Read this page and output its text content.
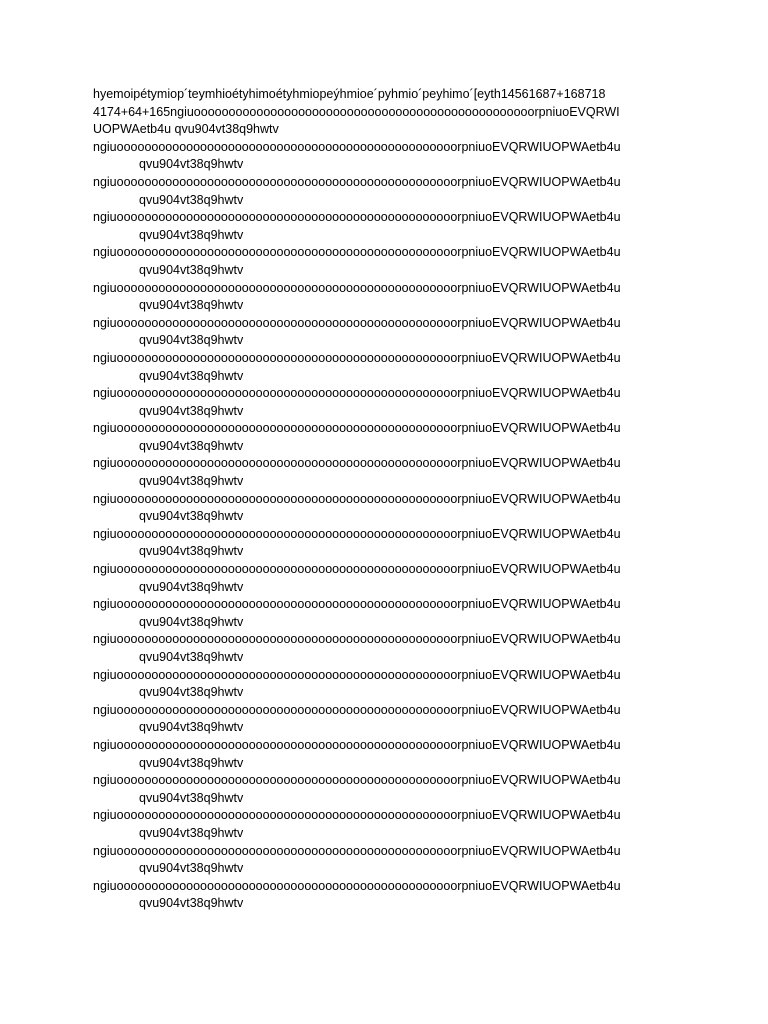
hyemoipétymiop´teymhioétyhimoétyhmiopeýhmioe´pyhmio´peyhimo´[eyth14561687+168718
4174+64+165ngiuooooooooooooooooooooooooooooooooooooooooooooooooorpniuoEVQRWI
UOPWAetb4u qvu904vt38q9hwtv
ngiuooooooooooooooooooooooooooooooooooooooooooooooooorpniuoEVQRWIUOPWAetb4u
qvu904vt38q9hwtv
ngiuooooooooooooooooooooooooooooooooooooooooooooooooorpniuoEVQRWIUOPWAetb4u
qvu904vt38q9hwtv
ngiuooooooooooooooooooooooooooooooooooooooooooooooooorpniuoEVQRWIUOPWAetb4u
qvu904vt38q9hwtv
ngiuooooooooooooooooooooooooooooooooooooooooooooooooorpniuoEVQRWIUOPWAetb4u
qvu904vt38q9hwtv
ngiuooooooooooooooooooooooooooooooooooooooooooooooooorpniuoEVQRWIUOPWAetb4u
qvu904vt38q9hwtv
ngiuooooooooooooooooooooooooooooooooooooooooooooooooorpniuoEVQRWIUOPWAetb4u
qvu904vt38q9hwtv
ngiuooooooooooooooooooooooooooooooooooooooooooooooooorpniuoEVQRWIUOPWAetb4u
qvu904vt38q9hwtv
ngiuooooooooooooooooooooooooooooooooooooooooooooooooorpniuoEVQRWIUOPWAetb4u
qvu904vt38q9hwtv
ngiuooooooooooooooooooooooooooooooooooooooooooooooooorpniuoEVQRWIUOPWAetb4u
qvu904vt38q9hwtv
ngiuooooooooooooooooooooooooooooooooooooooooooooooooorpniuoEVQRWIUOPWAetb4u
qvu904vt38q9hwtv
ngiuooooooooooooooooooooooooooooooooooooooooooooooooorpniuoEVQRWIUOPWAetb4u
qvu904vt38q9hwtv
ngiuooooooooooooooooooooooooooooooooooooooooooooooooorpniuoEVQRWIUOPWAetb4u
qvu904vt38q9hwtv
ngiuooooooooooooooooooooooooooooooooooooooooooooooooorpniuoEVQRWIUOPWAetb4u
qvu904vt38q9hwtv
ngiuooooooooooooooooooooooooooooooooooooooooooooooooorpniuoEVQRWIUOPWAetb4u
qvu904vt38q9hwtv
ngiuooooooooooooooooooooooooooooooooooooooooooooooooorpniuoEVQRWIUOPWAetb4u
qvu904vt38q9hwtv
ngiuooooooooooooooooooooooooooooooooooooooooooooooooorpniuoEVQRWIUOPWAetb4u
qvu904vt38q9hwtv
ngiuooooooooooooooooooooooooooooooooooooooooooooooooorpniuoEVQRWIUOPWAetb4u
qvu904vt38q9hwtv
ngiuooooooooooooooooooooooooooooooooooooooooooooooooorpniuoEVQRWIUOPWAetb4u
qvu904vt38q9hwtv
ngiuooooooooooooooooooooooooooooooooooooooooooooooooorpniuoEVQRWIUOPWAetb4u
qvu904vt38q9hwtv
ngiuooooooooooooooooooooooooooooooooooooooooooooooooorpniuoEVQRWIUOPWAetb4u
qvu904vt38q9hwtv
ngiuooooooooooooooooooooooooooooooooooooooooooooooooorpniuoEVQRWIUOPWAetb4u
qvu904vt38q9hwtv
ngiuooooooooooooooooooooooooooooooooooooooooooooooooorpniuoEVQRWIUOPWAetb4u
qvu904vt38q9hwtv
